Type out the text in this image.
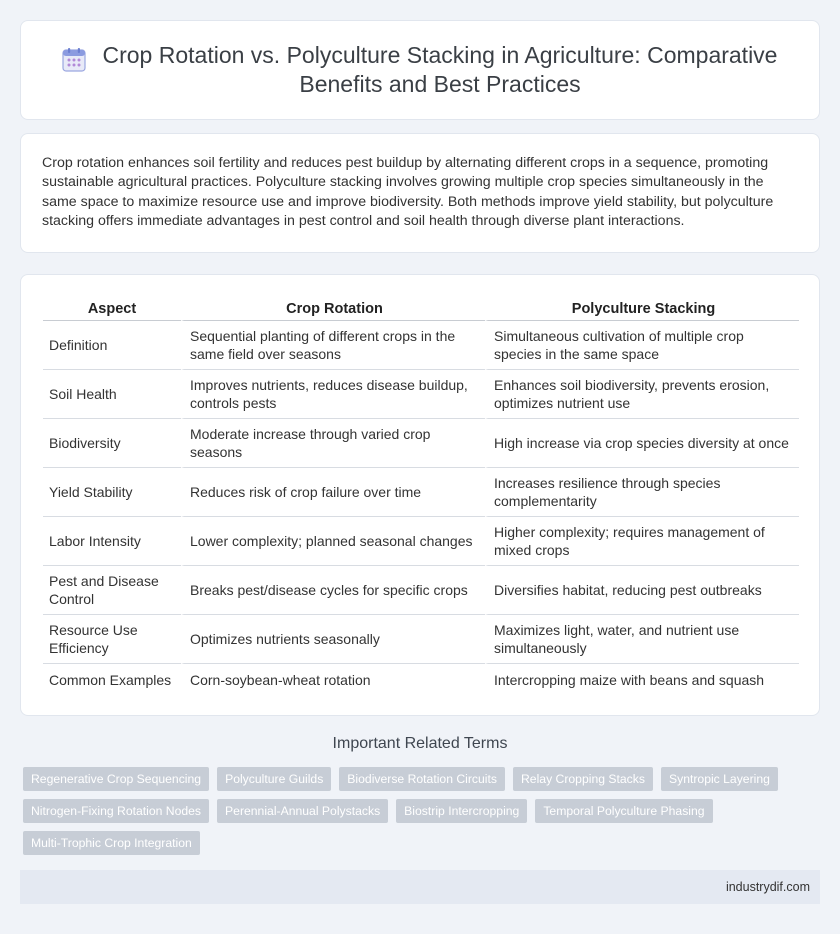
Crop Rotation vs. Polyculture Stacking in Agriculture: Comparative Benefits and Best Practices

Crop rotation enhances soil fertility and reduces pest buildup by alternating different crops in a sequence, promoting sustainable agricultural practices. Polyculture stacking involves growing multiple crop species simultaneously in the same space to maximize resource use and improve biodiversity. Both methods improve yield stability, but polyculture stacking offers immediate advantages in pest control and soil health through diverse plant interactions.

Aspect	Crop Rotation	Polyculture Stacking
Definition	Sequential planting of different crops in the same field over seasons	Simultaneous cultivation of multiple crop species in the same space
Soil Health	Improves nutrients, reduces disease buildup, controls pests	Enhances soil biodiversity, prevents erosion, optimizes nutrient use
Biodiversity	Moderate increase through varied crop seasons	High increase via crop species diversity at once
Yield Stability	Reduces risk of crop failure over time	Increases resilience through species complementarity
Labor Intensity	Lower complexity; planned seasonal changes	Higher complexity; requires management of mixed crops
Pest and Disease Control	Breaks pest/disease cycles for specific crops	Diversifies habitat, reducing pest outbreaks
Resource Use Efficiency	Optimizes nutrients seasonally	Maximizes light, water, and nutrient use simultaneously
Common Examples	Corn-soybean-wheat rotation	Intercropping maize with beans and squash
Important Related Terms
Regenerative Crop Sequencing	Polyculture Guilds	Biodiverse Rotation Circuits	Relay Cropping Stacks	Syntropic Layering
Nitrogen-Fixing Rotation Nodes	Perennial-Annual Polystacks	Biostrip Intercropping	Temporal Polyculture Phasing
Multi-Trophic Crop Integration
industrydif.com
